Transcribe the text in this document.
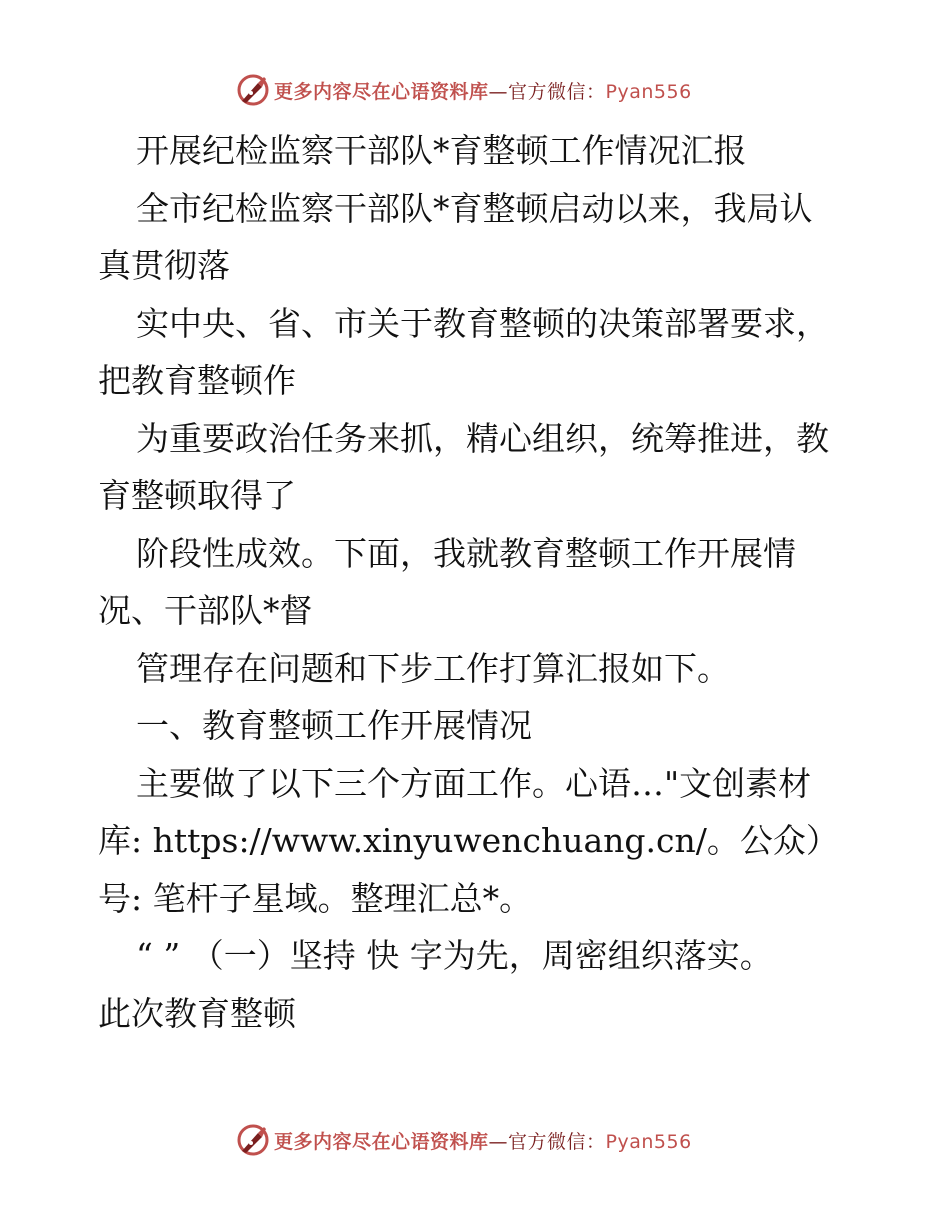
更多内容尽在心语资料库—官方微信：Pyan556
开展纪检监察干部队*育整顿工作情况汇报
全市纪检监察干部队*育整顿启动以来，我局认
真贯彻落
实中央、省、市关于教育整顿的决策部署要求，
把教育整顿作
为重要政治任务来抓，精心组织，统筹推进，教
育整顿取得了
阶段性成效。下面，我就教育整顿工作开展情
况、干部队*督
管理存在问题和下步工作打算汇报如下。
一、教育整顿工作开展情况
主要做了以下三个方面工作。心语…"文创素材
库: https://www.xinyuwenchuang.cn/。公众）
号: 笔杆子星域。整理汇总*。
“ ” （一）坚持 快 字为先，周密组织落实。
此次教育整顿
更多内容尽在心语资料库—官方微信：Pyan556
